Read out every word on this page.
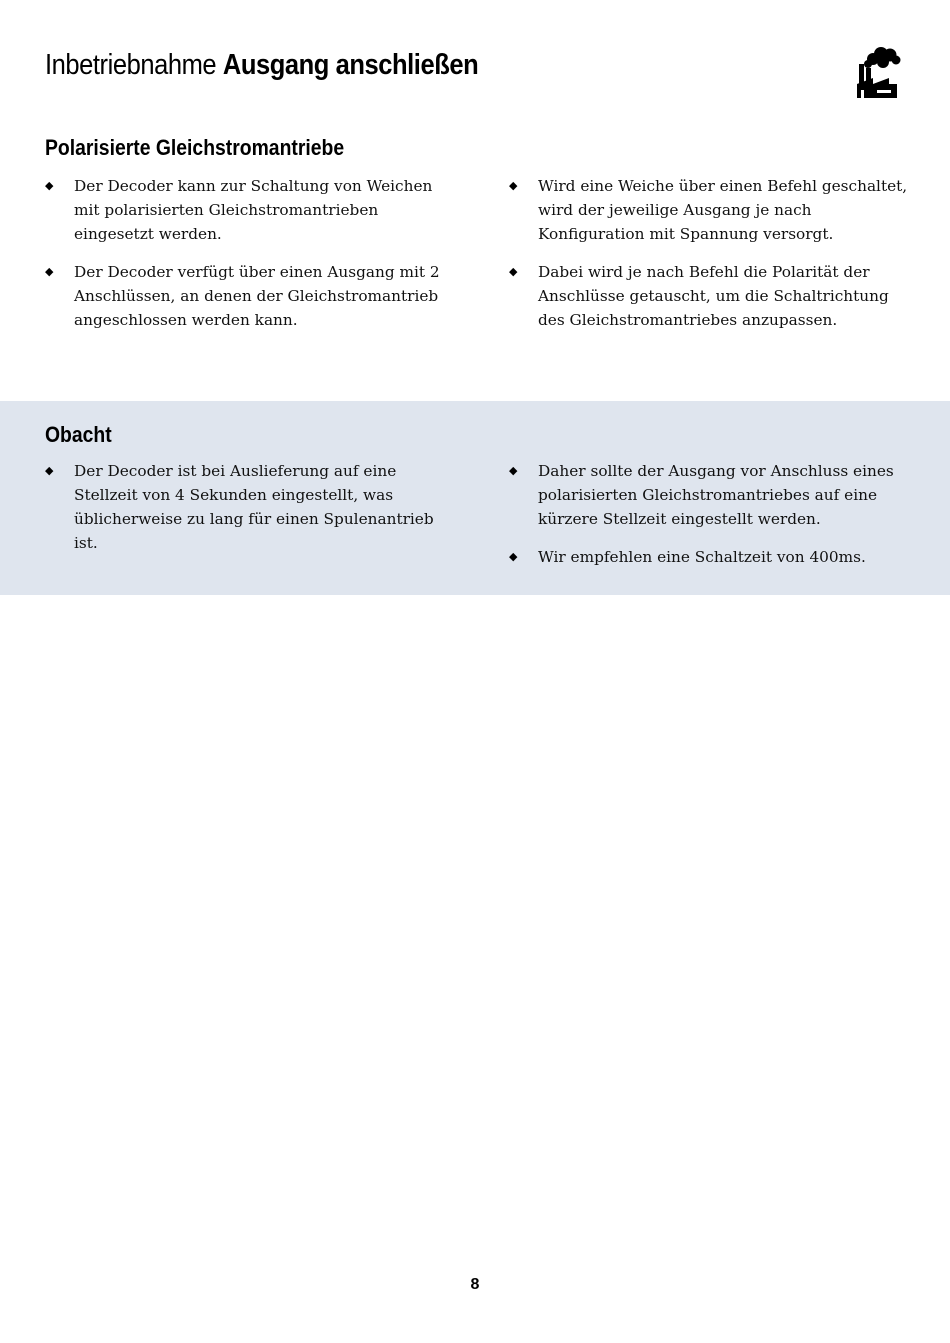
Inbetriebnahme Ausgang anschließen
Polarisierte Gleichstromantriebe
◆ Der Decoder kann zur Schaltung von Weichen mit polarisierten Gleichstromantrieben eingesetzt werden.
◆ Der Decoder verfügt über einen Ausgang mit 2 Anschlüssen, an denen der Gleichstromantrieb angeschlossen werden kann.
◆ Wird eine Weiche über einen Befehl geschaltet, wird der jeweilige Ausgang je nach Konfiguration mit Spannung versorgt.
◆ Dabei wird je nach Befehl die Polarität der Anschlüsse getauscht, um die Schaltrichtung des Gleichstromantriebes anzupassen.
Obacht
◆ Der Decoder ist bei Auslieferung auf eine Stellzeit von 4 Sekunden eingestellt, was üblicherweise zu lang für einen Spulenantrieb ist.
◆ Daher sollte der Ausgang vor Anschluss eines polarisierten Gleichstromantriebes auf eine kürzere Stellzeit eingestellt werden.
◆ Wir empfehlen eine Schaltzeit von 400ms.
8
